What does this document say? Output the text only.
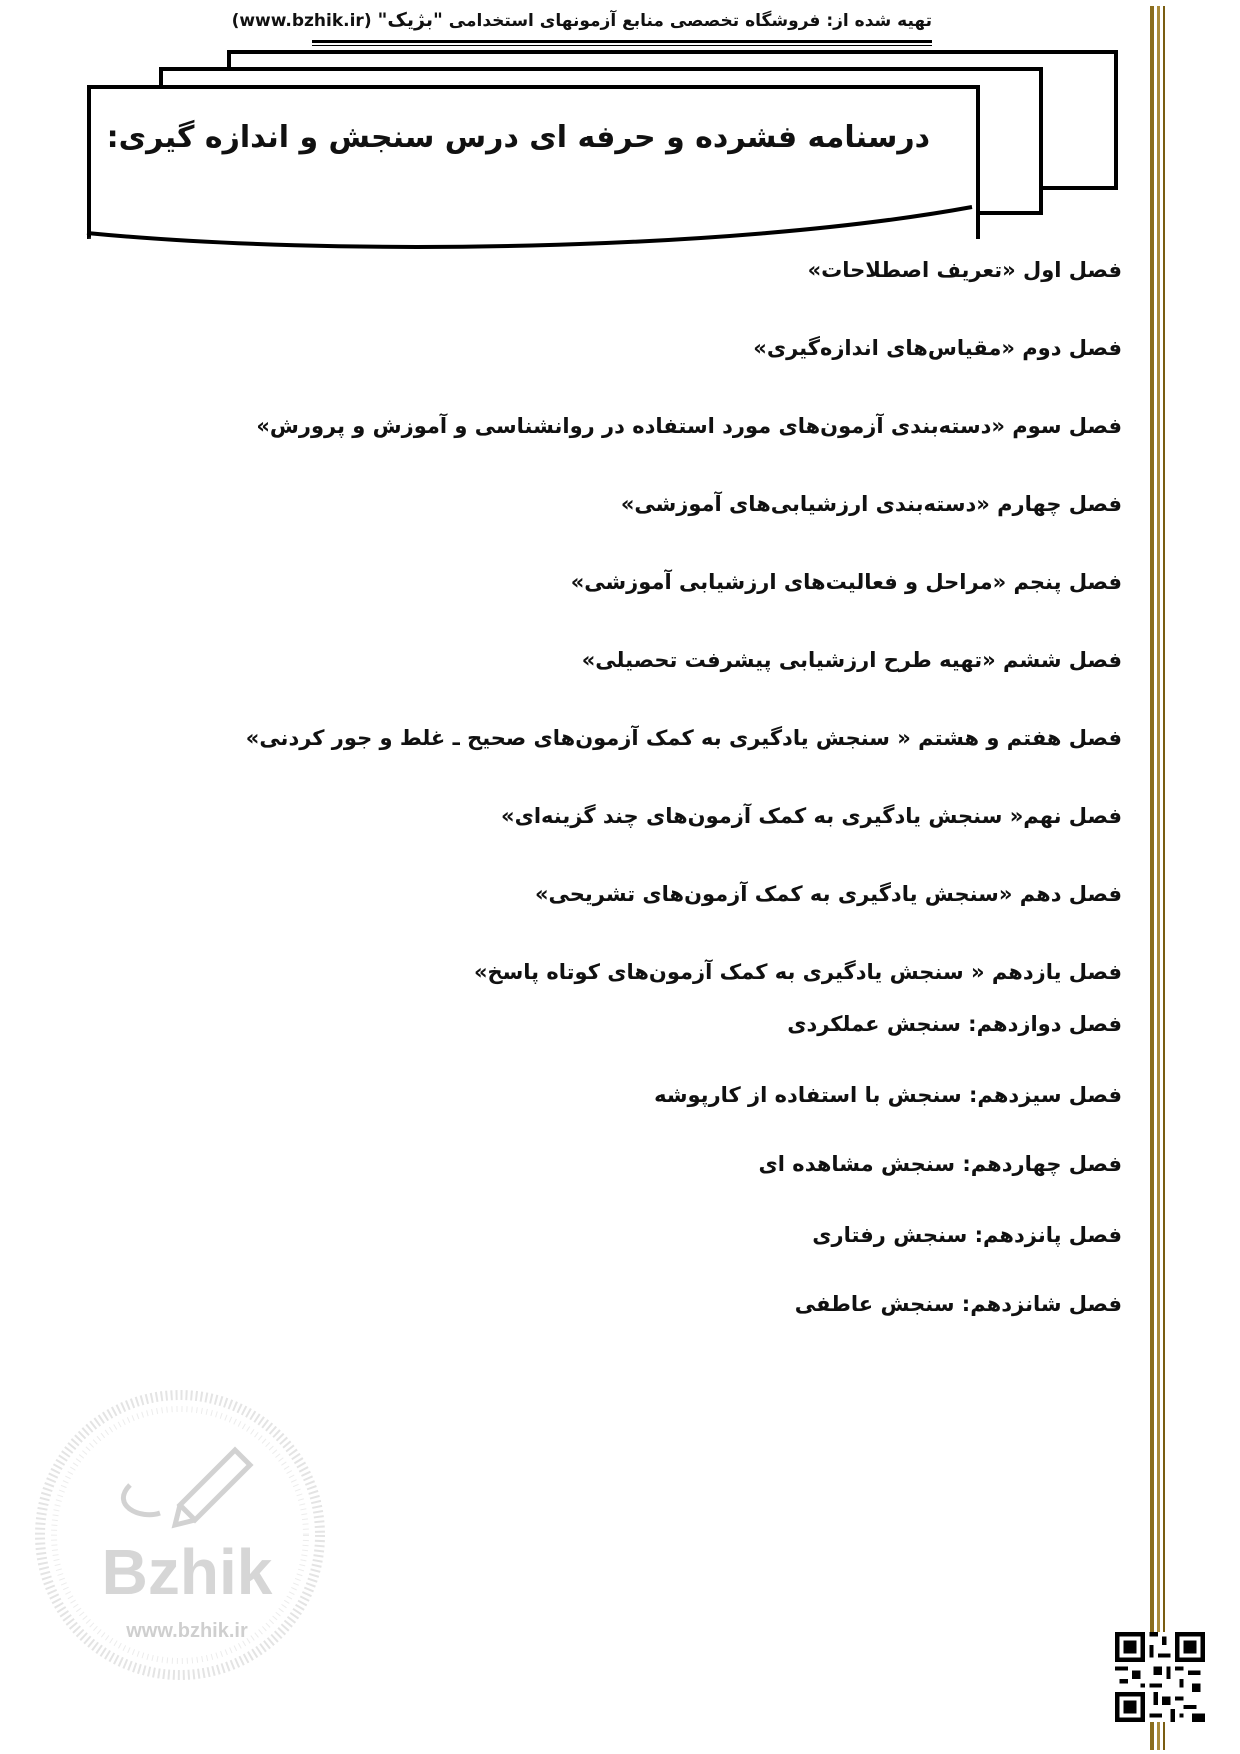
تهیه شده از: فروشگاه تخصصی منابع آزمونهای استخدامی "بژیک" (www.bzhik.ir)
درسنامه فشرده و حرفه ای درس سنجش و اندازه گیری:
فصل اول «تعریف اصطلاحات»
فصل دوم «مقیاس‌های اندازه‌گیری»
فصل سوم «دسته‌بندی آزمون‌های مورد استفاده در روانشناسی و آموزش و پرورش»
فصل چهارم «دسته‌بندی ارزشیابی‌های آموزشی»
فصل پنجم «مراحل و فعالیت‌های ارزشیابی آموزشی»
فصل ششم «تهیه طرح ارزشیابی پیشرفت تحصیلی»
فصل هفتم و هشتم « سنجش یادگیری به کمک آزمون‌های صحیح ـ غلط و جور کردنی»
فصل نهم« سنجش یادگیری به کمک آزمون‌های چند گزینه‌ای»
فصل دهم «سنجش یادگیری به کمک آزمون‌های تشریحی»
فصل یازدهم « سنجش یادگیری به کمک آزمون‌های کوتاه پاسخ»
فصل دوازدهم: سنجش عملکردی
فصل سیزدهم: سنجش با استفاده از کارپوشه
فصل چهاردهم: سنجش مشاهده ای
فصل پانزدهم: سنجش رفتاری
فصل شانزدهم: سنجش عاطفی
Bzhik
www.bzhik.ir
